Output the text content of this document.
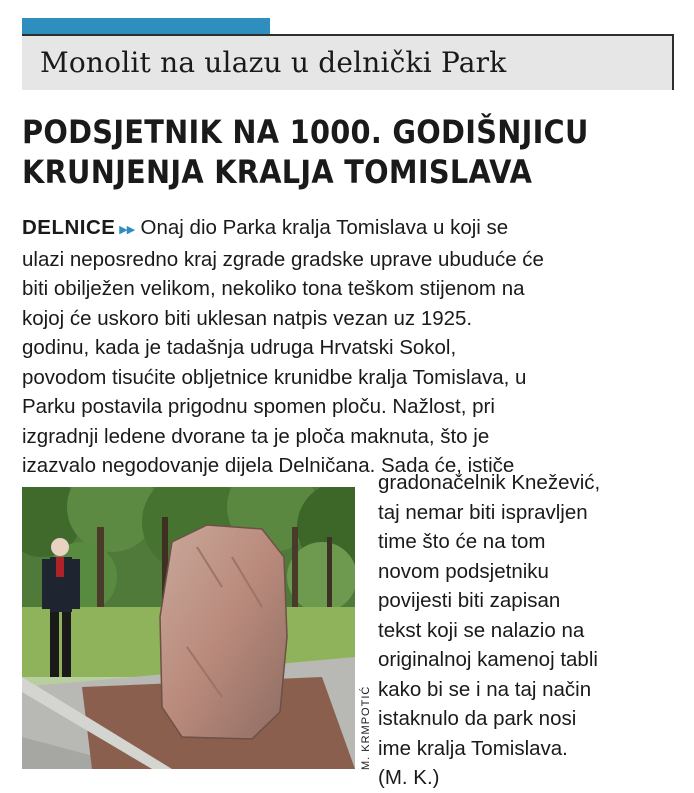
Monolit na ulazu u delnički Park
PODSJETNIK NA 1000. GODIŠNJICU
KRUNJENJA KRALJA TOMISLAVA

DELNICE ▸▸ Onaj dio Parka kralja Tomislava u koji se
ulazi neposredno kraj zgrade gradske uprave ubuduće će
biti obilježen velikom, nekoliko tona teškom stijenom na
kojoj će uskoro biti uklesan natpis vezan uz 1925.
godinu, kada je tadašnja udruga Hrvatski Sokol,
povodom tisućite obljetnice krunidbe kralja Tomislava, u
Parku postavila prigodnu spomen ploču. Nažlost, pri
izgradnji ledene dvorane ta je ploča maknuta, što je
izazvalo negodovanje dijela Delničana. Sada će, ističe

gradonačelnik Knežević,
taj nemar biti ispravljen
time što će na tom
novom podsjetniku
povijesti biti zapisan
tekst koji se nalazio na
originalnoj kamenoj tabli
kako bi se i na taj način
istaknulo da park nosi
ime kralja Tomislava.
(M. K.)

M. KRMPOTIĆ
